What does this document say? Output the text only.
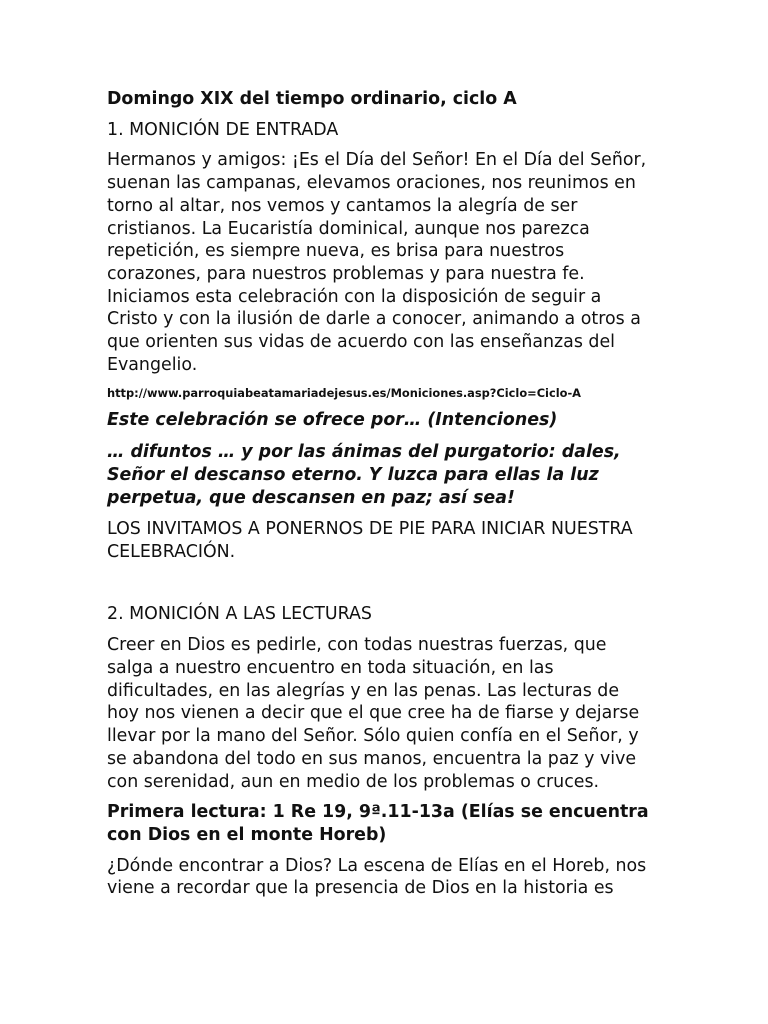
Domingo XIX del tiempo ordinario, ciclo A
1. MONICIÓN DE ENTRADA
Hermanos y amigos: ¡Es el Día del Señor! En el Día del Señor,
suenan las campanas, elevamos oraciones, nos reunimos en
torno al altar, nos vemos y cantamos la alegría de ser
cristianos. La Eucaristía dominical, aunque nos parezca
repetición, es siempre nueva, es brisa para nuestros
corazones, para nuestros problemas y para nuestra fe.
Iniciamos esta celebración con la disposición de seguir a
Cristo y con la ilusión de darle a conocer, animando a otros a
que orienten sus vidas de acuerdo con las enseñanzas del
Evangelio.
http://www.parroquiabeatamariadejesus.es/Moniciones.asp?Ciclo=Ciclo-A
Este celebración se ofrece por… (Intenciones)
… difuntos … y por las ánimas del purgatorio: dales,
Señor el descanso eterno. Y luzca para ellas la luz
perpetua, que descansen en paz; así sea!
LOS INVITAMOS A PONERNOS DE PIE PARA INICIAR NUESTRA
CELEBRACIÓN.
2. MONICIÓN A LAS LECTURAS
Creer en Dios es pedirle, con todas nuestras fuerzas, que
salga a nuestro encuentro en toda situación, en las
dificultades, en las alegrías y en las penas. Las lecturas de
hoy nos vienen a decir que el que cree ha de fiarse y dejarse
llevar por la mano del Señor. Sólo quien confía en el Señor, y
se abandona del todo en sus manos, encuentra la paz y vive
con serenidad, aun en medio de los problemas o cruces.
Primera lectura: 1 Re 19, 9ª.11-13a (Elías se encuentra
con Dios en el monte Horeb)
¿Dónde encontrar a Dios? La escena de Elías en el Horeb, nos
viene a recordar que la presencia de Dios en la historia es
